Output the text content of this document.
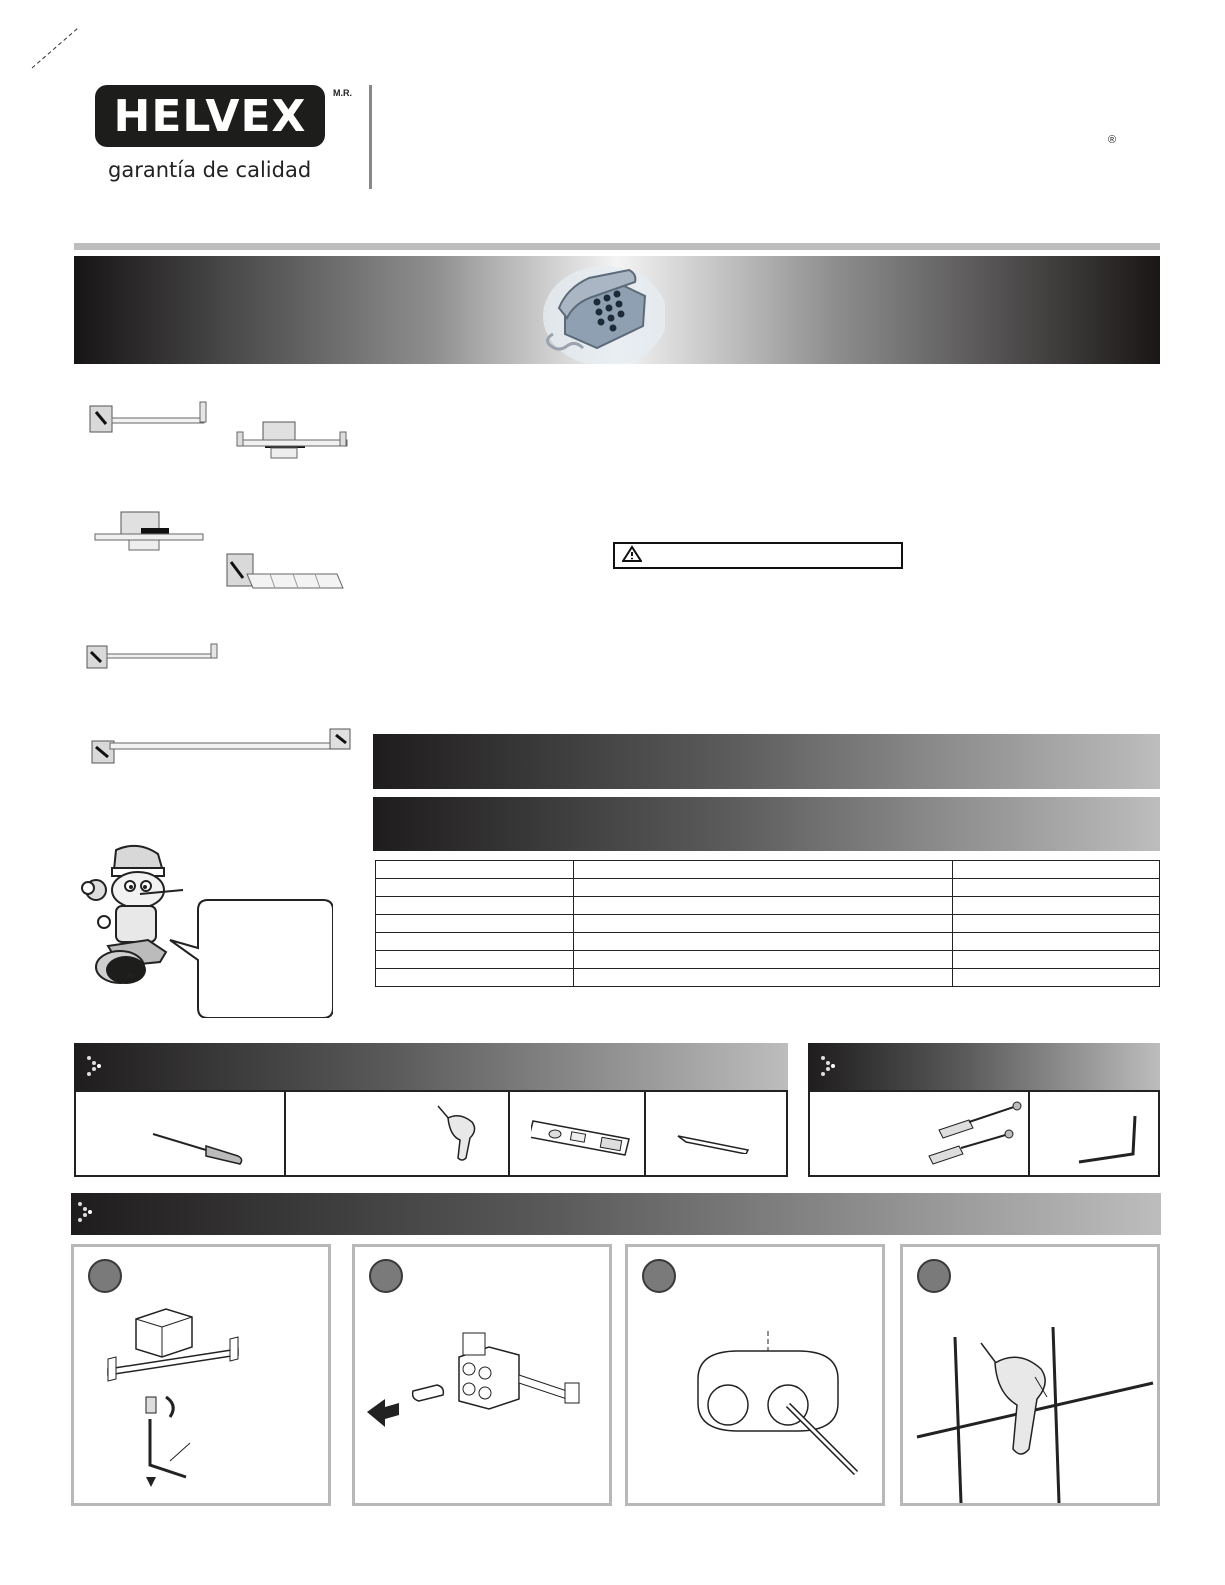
HELVEX	M.R.
garantía de calidad
®
